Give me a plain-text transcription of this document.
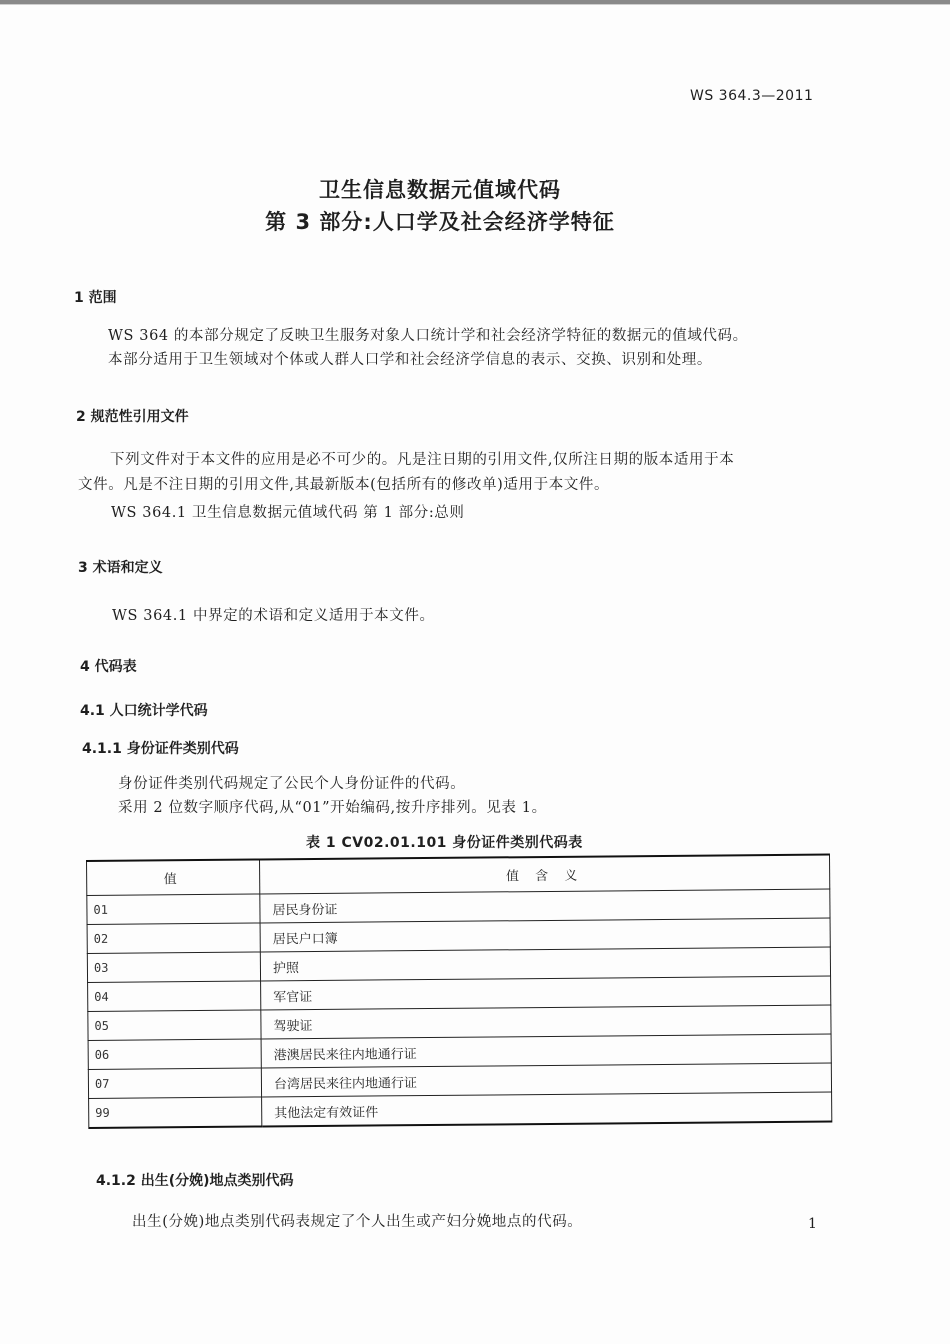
WS 364.3—2011
卫生信息数据元值域代码
第 3 部分:人口学及社会经济学特征
1 范围
WS 364 的本部分规定了反映卫生服务对象人口统计学和社会经济学特征的数据元的值域代码。
本部分适用于卫生领域对个体或人群人口学和社会经济学信息的表示、交换、识别和处理。
2 规范性引用文件
下列文件对于本文件的应用是必不可少的。凡是注日期的引用文件,仅所注日期的版本适用于本
文件。凡是不注日期的引用文件,其最新版本(包括所有的修改单)适用于本文件。
WS 364.1 卫生信息数据元值域代码 第 1 部分:总则
3 术语和定义
WS 364.1 中界定的术语和定义适用于本文件。
4 代码表
4.1 人口统计学代码
4.1.1 身份证件类别代码
身份证件类别代码规定了公民个人身份证件的代码。
采用 2 位数字顺序代码,从“01”开始编码,按升序排列。见表 1。
表 1 CV02.01.101 身份证件类别代码表
值	值 含 义
01	居民身份证
02	居民户口簿
03	护照
04	军官证
05	驾驶证
06	港澳居民来往内地通行证
07	台湾居民来往内地通行证
99	其他法定有效证件
4.1.2 出生(分娩)地点类别代码
出生(分娩)地点类别代码表规定了个人出生或产妇分娩地点的代码。	1
